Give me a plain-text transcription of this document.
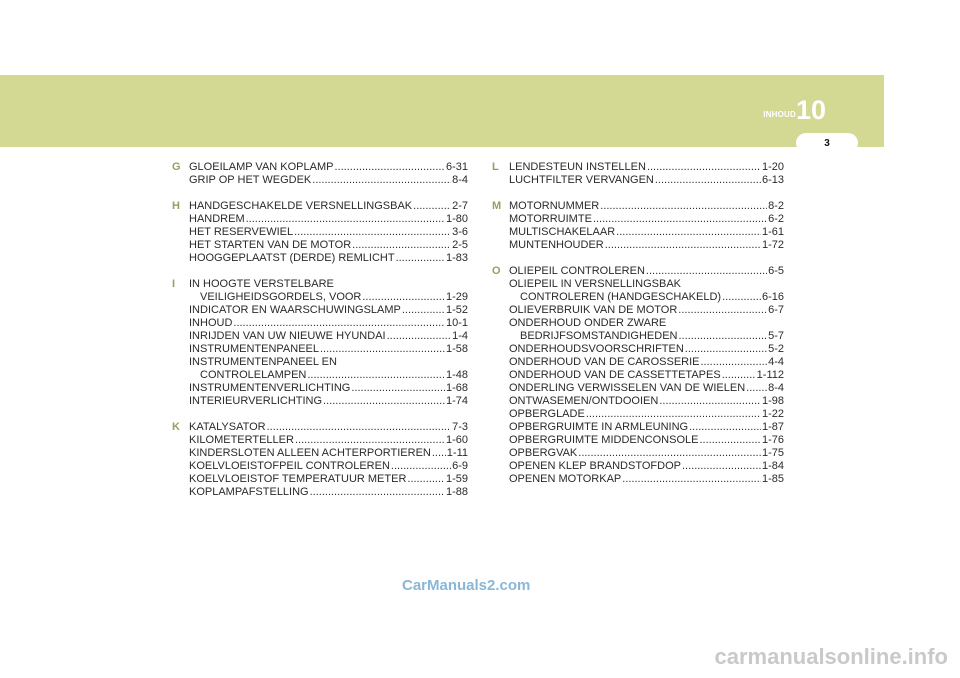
INHOUD 10
3
G GLOEILAMP VAN KOPLAMP .....	6-31
GRIP OP HET WEGDEK .....	8-4
H HANDGESCHAKELDE VERSNELLINGSBAK .....	2-7
HANDREM .....	1-80
HET RESERVEWIEL .....	3-6
HET STARTEN VAN DE MOTOR .....	2-5
HOOGGEPLAATST (DERDE) REMLICHT .....	1-83
I	IN HOOGTE VERSTELBARE
VEILIGHEIDSGORDELS, VOOR .....	1-29
INDICATOR EN WAARSCHUWINGSLAMP .....	1-52
INHOUD .....	10-1
INRIJDEN VAN UW NIEUWE HYUNDAI .....	1-4
INSTRUMENTENPANEEL .....	1-58
INSTRUMENTENPANEEL EN
CONTROLELAMPEN .....	1-48
INSTRUMENTENVERLICHTING .....	1-68
INTERIEURVERLICHTING .....	1-74
K KATALYSATOR .....	7-3
KILOMETERTELLER .....	1-60
KINDERSLOTEN ALLEEN ACHTERPORTIEREN ..... 1-11
KOELVLOEISTOFPEIL CONTROLEREN .....	6-9
KOELVLOEISTOF TEMPERATUUR METER .....	1-59
KOPLAMPAFSTELLING .....	1-88
L LENDESTEUN INSTELLEN .....	1-20
LUCHTFILTER VERVANGEN .....	6-13
M MOTORNUMMER .....	8-2
MOTORRUIMTE .....	6-2
MULTISCHAKELAAR .....	1-61
MUNTENHOUDER .....	1-72
O OLIEPEIL CONTROLEREN .....	6-5
OLIEPEIL IN VERSNELLINGSBAK
CONTROLEREN (HANDGESCHAKELD) .....	6-16
OLIEVERBRUIK VAN DE MOTOR .....	6-7
ONDERHOUD ONDER ZWARE
BEDRIJFSOMSTANDIGHEDEN .....	5-7
ONDERHOUDSVOORSCHRIFTEN .....	5-2
ONDERHOUD VAN DE CAROSSERIE .....	4-4
ONDERHOUD VAN DE CASSETTETAPES .....	1-112
ONDERLING VERWISSELEN VAN DE WIELEN ..... 8-4
ONTWASEMEN/ONTDOOIEN .....	1-98
OPBERGLADE .....	1-22
OPBERGRUIMTE IN ARMLEUNING .....	1-87
OPBERGRUIMTE MIDDENCONSOLE .....	1-76
OPBERGVAK .....	1-75
OPENEN KLEP BRANDSTOFDOP .....	1-84
OPENEN MOTORKAP .....	1-85
CarManuals2.com
carmanualsonline.info
